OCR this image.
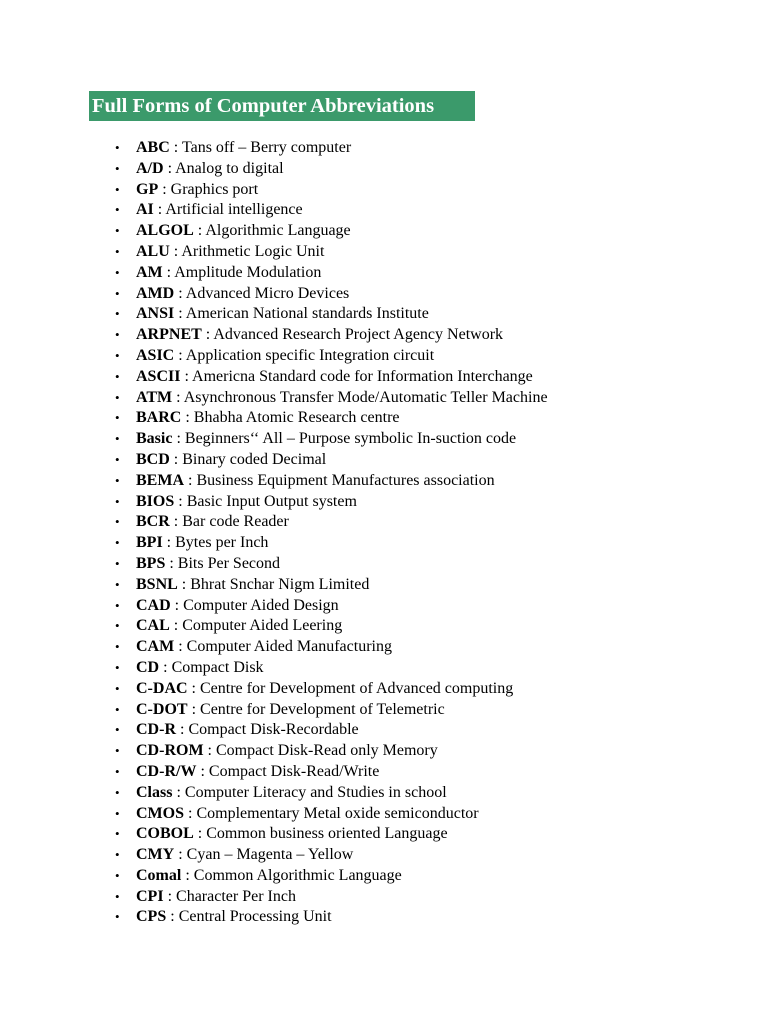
Full Forms of Computer Abbreviations
• ABC : Tans off – Berry computer
• A/D : Analog to digital
• GP : Graphics port
• AI : Artificial intelligence
• ALGOL : Algorithmic Language
• ALU : Arithmetic Logic Unit
• AM : Amplitude Modulation
• AMD : Advanced Micro Devices
• ANSI : American National standards Institute
• ARPNET : Advanced Research Project Agency Network
• ASIC : Application specific Integration circuit
• ASCII : Americna Standard code for Information Interchange
• ATM : Asynchronous Transfer Mode/Automatic Teller Machine
• BARC : Bhabha Atomic Research centre
• Basic : Beginners‘‘ All – Purpose symbolic In-suction code
• BCD : Binary coded Decimal
• BEMA : Business Equipment Manufactures association
• BIOS : Basic Input Output system
• BCR : Bar code Reader
• BPI : Bytes per Inch
• BPS : Bits Per Second
• BSNL : Bhrat Snchar Nigm Limited
• CAD : Computer Aided Design
• CAL : Computer Aided Leering
• CAM : Computer Aided Manufacturing
• CD : Compact Disk
• C-DAC : Centre for Development of Advanced computing
• C-DOT : Centre for Development of Telemetric
• CD-R : Compact Disk-Recordable
• CD-ROM : Compact Disk-Read only Memory
• CD-R/W : Compact Disk-Read/Write
• Class : Computer Literacy and Studies in school
• CMOS : Complementary Metal oxide semiconductor
• COBOL : Common business oriented Language
• CMY : Cyan – Magenta – Yellow
• Comal : Common Algorithmic Language
• CPI : Character Per Inch
• CPS : Central Processing Unit
